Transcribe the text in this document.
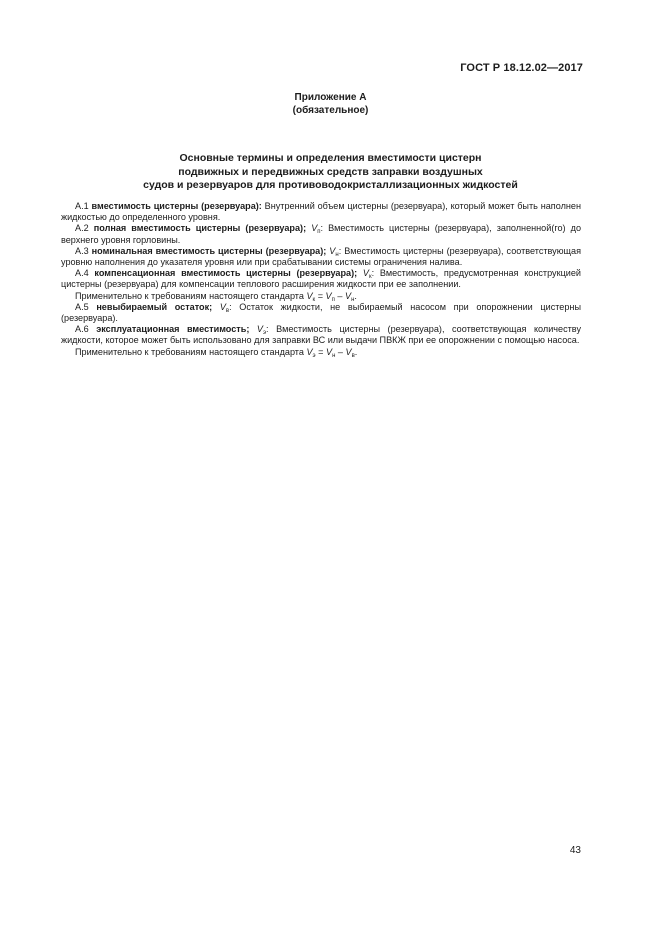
ГОСТ Р 18.12.02—2017
Приложение А
(обязательное)
Основные термины и определения вместимости цистерн
подвижных и передвижных средств заправки воздушных
судов и резервуаров для противоводокристаллизационных жидкостей

А.1 вместимость цистерны (резервуара): Внутренний объем цистерны (резервуара), который может быть наполнен жидкостью до определенного уровня.

А.2 полная вместимость цистерны (резервуара); $V_п$: Вместимость цистерны (резервуара), заполненной(го) до верхнего уровня горловины.

А.3 номинальная вместимость цистерны (резервуара); $V_н$: Вместимость цистерны (резервуара), соответствующая уровню наполнения до указателя уровня или при срабатывании системы ограничения налива.

А.4 компенсационная вместимость цистерны (резервуара); $V_к$: Вместимость, предусмотренная конструкцией цистерны (резервуара) для компенсации теплового расширения жидкости при ее заполнении.

Применительно к требованиям настоящего стандарта $V_к = V_п - V_н$.

А.5 невыбираемый остаток; $V_в$: Остаток жидкости, не выбираемый насосом при опорожнении цистерны (резервуара).

А.6 эксплуатационная вместимость; $V_э$: Вместимость цистерны (резервуара), соответствующая количеству жидкости, которое может быть использовано для заправки ВС или выдачи ПВКЖ при ее опорожнении с помощью насоса.

Применительно к требованиям настоящего стандарта $V_э = V_н - V_в$.

43
